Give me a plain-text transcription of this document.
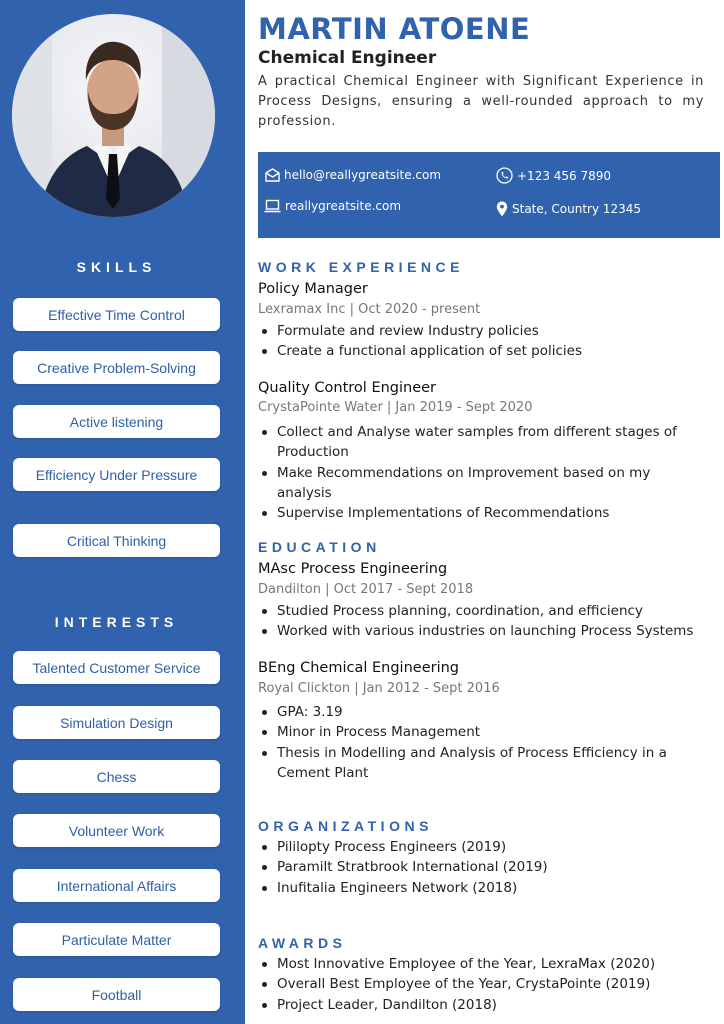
SKILLS
Effective Time Control
Creative Problem-Solving
Active listening
Efficiency Under Pressure
Critical Thinking
INTERESTS
Talented Customer Service
Simulation Design
Chess
Volunteer Work
International Affairs
Particulate Matter
Football
MARTIN ATOENE
Chemical Engineer
A practical Chemical Engineer with Significant Experience in Process Designs, ensuring a well-rounded approach to my profession.
hello@reallygreatsite.com	+123 456 7890
reallygreatsite.com	State, Country 12345
WORK EXPERIENCE
Policy Manager
Lexramax Inc | Oct 2020 - present
Formulate and review Industry policies
Create a functional application of set policies
Quality Control Engineer
CrystaPointe Water | Jan 2019 - Sept 2020
Collect and Analyse water samples from different stages of Production
Make Recommendations on Improvement based on my analysis
Supervise Implementations of Recommendations
EDUCATION
MAsc Process Engineering
Dandilton | Oct 2017 - Sept 2018
Studied Process planning, coordination, and efficiency
Worked with various industries on launching Process Systems
BEng Chemical Engineering
Royal Clickton | Jan 2012 - Sept 2016
GPA: 3.19
Minor in Process Management
Thesis in Modelling and Analysis of Process Efficiency in a Cement Plant
ORGANIZATIONS
Pililopty Process Engineers (2019)
Paramilt Stratbrook International (2019)
Inufitalia Engineers Network (2018)
AWARDS
Most Innovative Employee of the Year, LexraMax (2020)
Overall Best Employee of the Year, CrystaPointe (2019)
Project Leader, Dandilton (2018)
